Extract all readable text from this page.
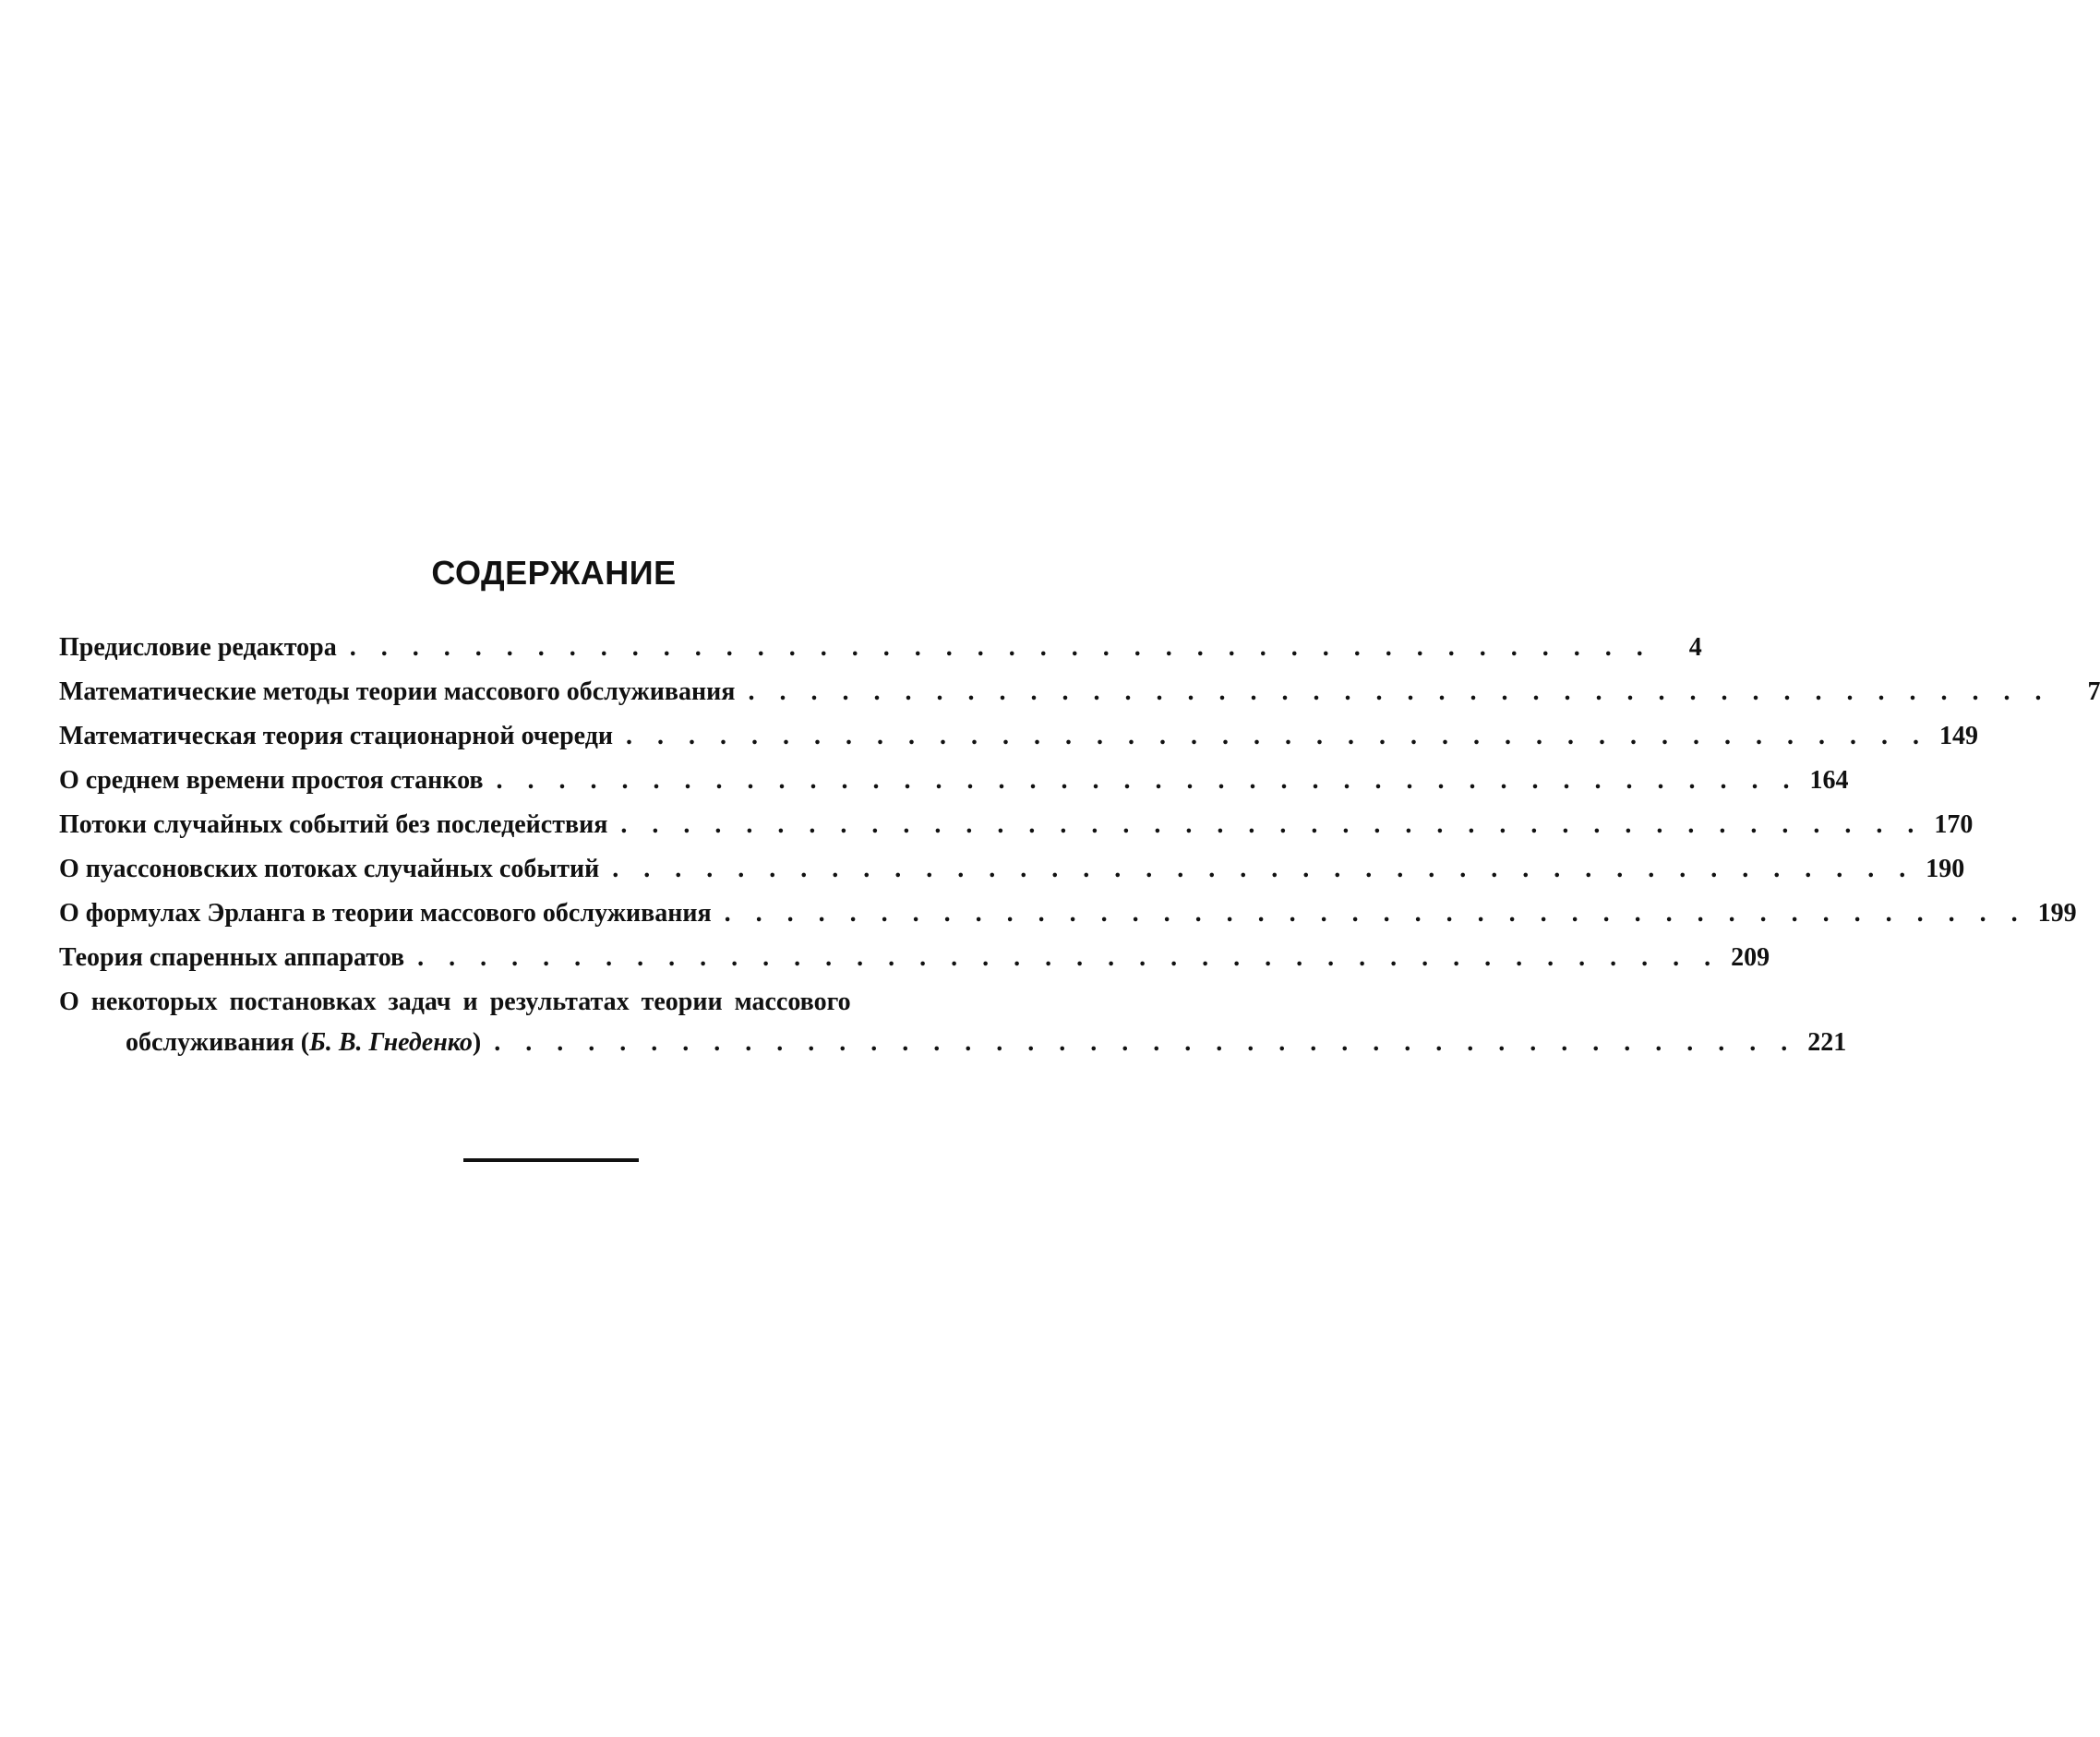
СОДЕРЖАНИЕ
Предисловие редактора . . . . . . . . . . . . . . . . . . . . . . . . . . . . . . . . . . . . . . . . . .	4
Математические методы теории массового обслуживания . . . . . . . . . . . . . . . . . . . . . . . . . . . . . . . . . . . . . . . . . .	7
Математическая теория стационарной очереди . . . . . . . . . . . . . . . . . . . . . . . . . . . . . . . . . . . . . . . . . . 149
О среднем времени простоя станков . . . . . . . . . . . . . . . . . . . . . . . . . . . . . . . . . . . . . . . . . . 164
Потоки случайных событий без последействия . . . . . . . . . . . . . . . . . . . . . . . . . . . . . . . . . . . . . . . . . . 170
О пуассоновских потоках случайных событий . . . . . . . . . . . . . . . . . . . . . . . . . . . . . . . . . . . . . . . . . . 190
О формулах Эрланга в теории массового обслуживания . . . . . . . . . . . . . . . . . . . . . . . . . . . . . . . . . . . . . . . . . . 199
Теория спаренных аппаратов . . . . . . . . . . . . . . . . . . . . . . . . . . . . . . . . . . . . . . . . . . 209
О некоторых постановках задач и результатах теории массового
обслуживания ( Б. В. Гнеденко ) . . . . . . . . . . . . . . . . . . . . . . . . . . . . . . . . . . . . . . . . . . 221
